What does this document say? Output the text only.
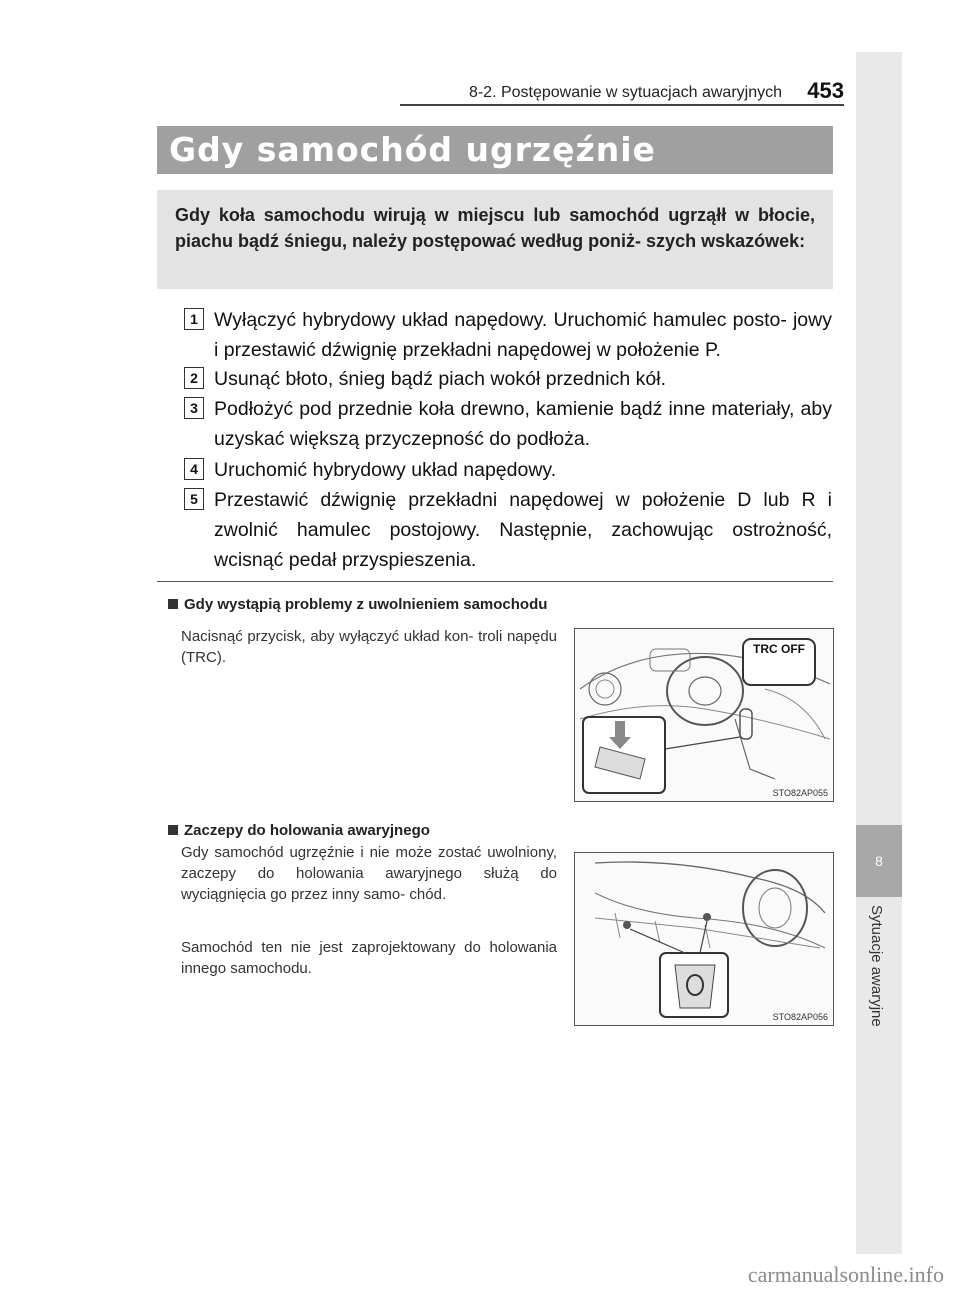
8
Sytuacje awaryjne
8-2. Postępowanie w sytuacjach awaryjnych 453
Gdy samochód ugrzęźnie
Gdy koła samochodu wirują w miejscu lub samochód ugrząłł w błocie, piachu bądź śniegu, należy postępować według poniż- szych wskazówek:
1 Wyłączyć hybrydowy układ napędowy. Uruchomić hamulec posto- jowy i przestawić dźwignię przekładni napędowej w położenie P.
2 Usunąć błoto, śnieg bądź piach wokół przednich kół.
3 Podłożyć pod przednie koła drewno, kamienie bądź inne materiały, aby uzyskać większą przyczepność do podłoża.
4 Uruchomić hybrydowy układ napędowy.
5 Przestawić dźwignię przekładni napędowej w położenie D lub R i zwolnić hamulec postojowy. Następnie, zachowując ostrożność, wcisnąć pedał przyspieszenia.
Gdy wystąpią problemy z uwolnieniem samochodu
Nacisnąć przycisk, aby wyłączyć układ kon- troli napędu (TRC).	TRC OFF
STO82AP055
Zaczepy do holowania awaryjnego
Gdy samochód ugrzęźnie i nie może zostać uwolniony, zaczepy do holowania awaryjnego służą do wyciągnięcia go przez inny samo- chód.
Samochód ten nie jest zaprojektowany do holowania innego samochodu.
STO82AP056
carmanualsonline.info
